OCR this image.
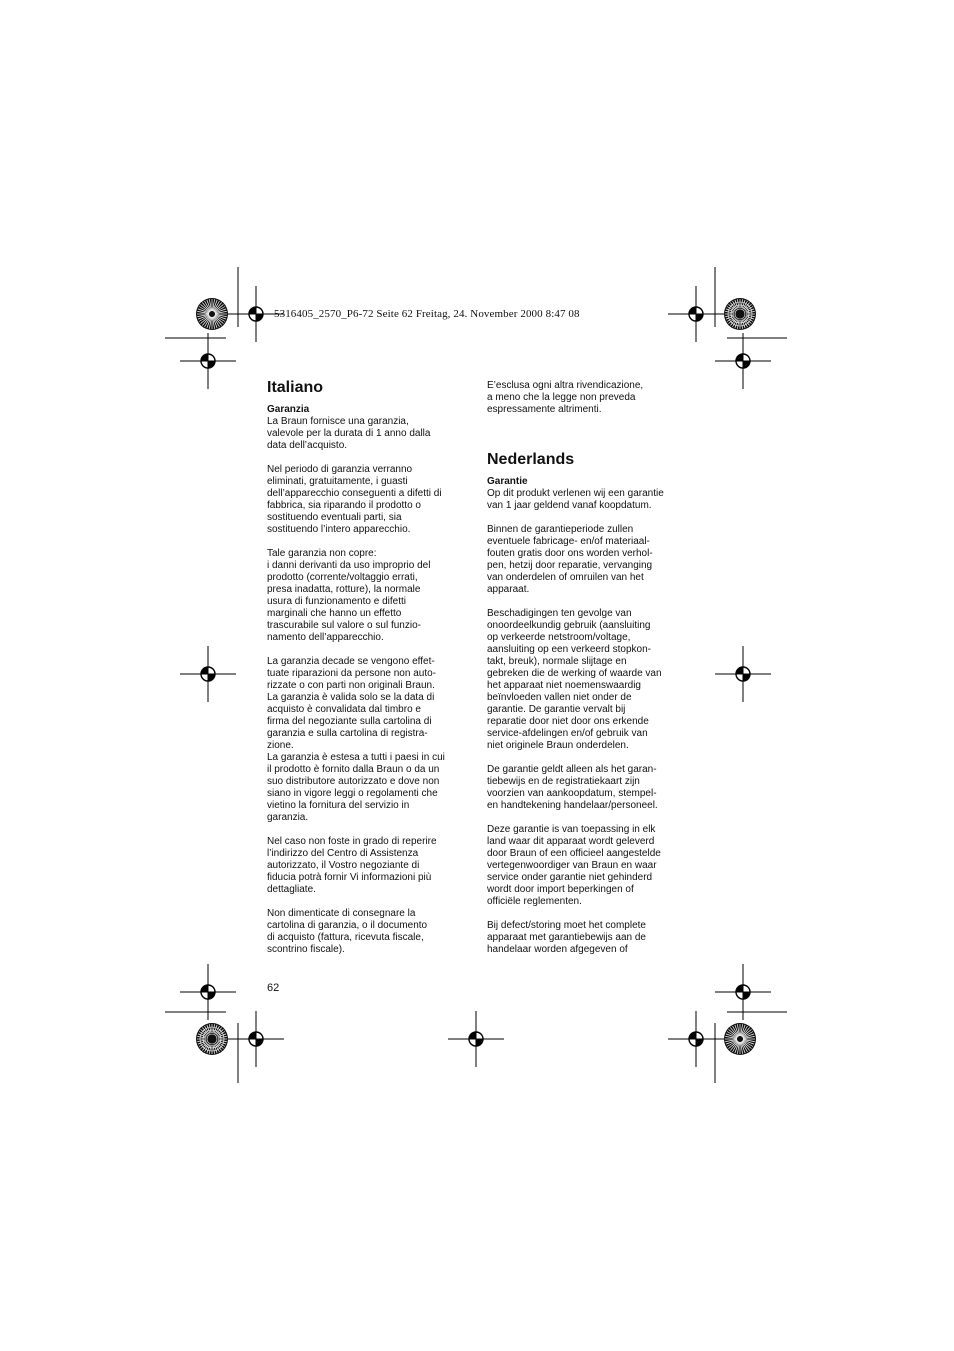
5316405_2570_P6-72 Seite 62 Freitag, 24. November 2000 8:47 08

Italiano

Garanzia

La Braun fornisce una garanzia,
valevole per la durata di 1 anno dalla
data dell’acquisto.

Nel periodo di garanzia verranno
eliminati, gratuitamente, i guasti
dell’apparecchio conseguenti a difetti di
fabbrica, sia riparando il prodotto o
sostituendo eventuali parti, sia
sostituendo l’intero apparecchio.

Tale garanzia non copre:
i danni derivanti da uso improprio del
prodotto (corrente/voltaggio errati,
presa inadatta, rotture), la normale
usura di funzionamento e difetti
marginali che hanno un effetto
trascurabile sul valore o sul funzio-
namento dell’apparecchio.

La garanzia decade se vengono effet-
tuate riparazioni da persone non auto-
rizzate o con parti non originali Braun.
La garanzia è valida solo se la data di
acquisto è convalidata dal timbro e
firma del negoziante sulla cartolina di
garanzia e sulla cartolina di registra-
zione.
La garanzia è estesa a tutti i paesi in cui
il prodotto è fornito dalla Braun o da un
suo distributore autorizzato e dove non
siano in vigore leggi o regolamenti che
vietino la fornitura del servizio in
garanzia.

Nel caso non foste in grado di reperire
l’indirizzo del Centro di Assistenza
autorizzato, il Vostro negoziante di
fiducia potrà fornir Vi informazioni più
dettagliate.

Non dimenticate di consegnare la
cartolina di garanzia, o il documento
di acquisto (fattura, ricevuta fiscale,
scontrino fiscale).

E’esclusa ogni altra rivendicazione,
a meno che la legge non preveda
espressamente altrimenti.

Nederlands

Garantie

Op dit produkt verlenen wij een garantie
van 1 jaar geldend vanaf koopdatum.

Binnen de garantieperiode zullen
eventuele fabricage- en/of materiaal-
fouten gratis door ons worden verhol-
pen, hetzij door reparatie, vervanging
van onderdelen of omruilen van het
apparaat.

Beschadigingen ten gevolge van
onoordeelkundig gebruik (aansluiting
op verkeerde netstroom/voltage,
aansluiting op een verkeerd stopkon-
takt, breuk), normale slijtage en
gebreken die de werking of waarde van
het apparaat niet noemenswaardig
beïnvloeden vallen niet onder de
garantie. De garantie vervalt bij
reparatie door niet door ons erkende
service-afdelingen en/of gebruik van
niet originele Braun onderdelen.

De garantie geldt alleen als het garan-
tiebewijs en de registratiekaart zijn
voorzien van aankoopdatum, stempel-
en handtekening handelaar/personeel.

Deze garantie is van toepassing in elk
land waar dit apparaat wordt geleverd
door Braun of een officieel aangestelde
vertegenwoordiger van Braun en waar
service onder garantie niet gehinderd
wordt door import beperkingen of
officiële reglementen.

Bij defect/storing moet het complete
apparaat met garantiebewijs aan de
handelaar worden afgegeven of

62
